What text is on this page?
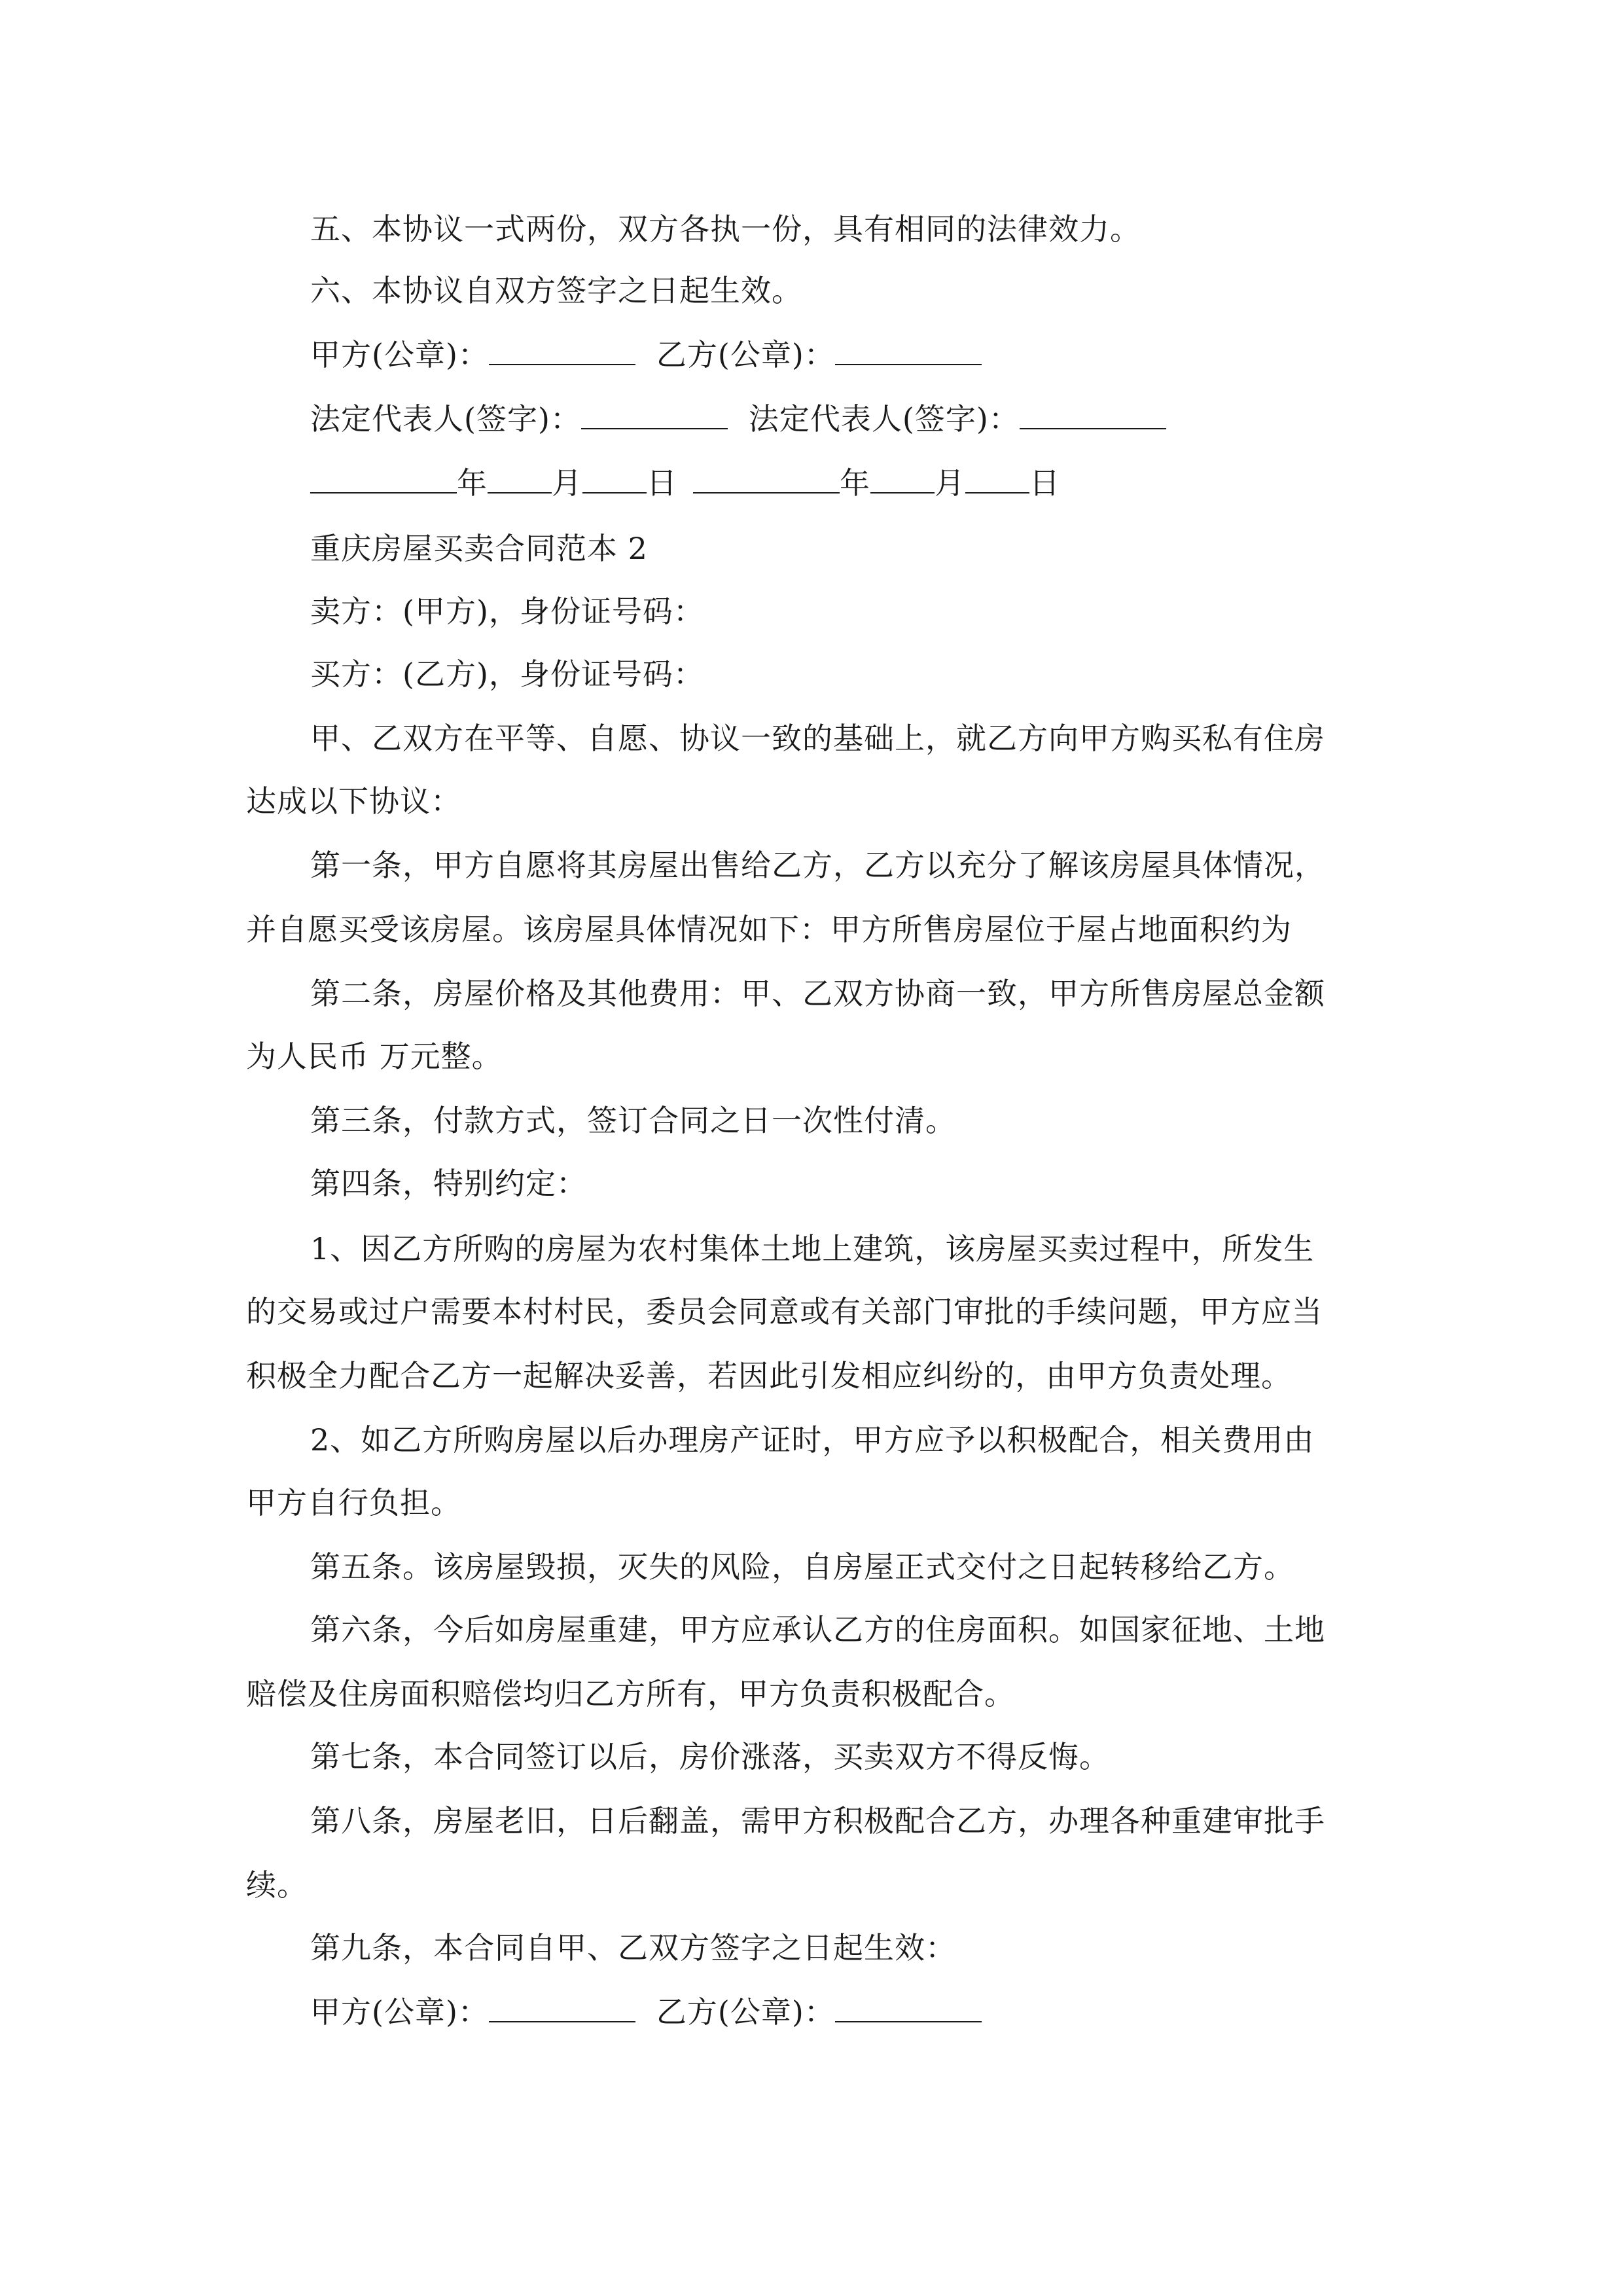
五、本协议一式两份，双方各执一份，具有相同的法律效力。
六、本协议自双方签字之日起生效。
甲方(公章)：	乙方(公章)：
法定代表人(签字)：	法定代表人(签字)：
年 月 日	年 月 日
重庆房屋买卖合同范本 2
卖方：(甲方)，身份证号码：
买方：(乙方)，身份证号码：
甲、乙双方在平等、自愿、协议一致的基础上，就乙方向甲方购买私有住房
达成以下协议：
第一条，甲方自愿将其房屋出售给乙方，乙方以充分了解该房屋具体情况，
并自愿买受该房屋。该房屋具体情况如下：甲方所售房屋位于屋占地面积约为
第二条，房屋价格及其他费用：甲、乙双方协商一致，甲方所售房屋总金额
为人民币 万元整。
第三条，付款方式，签订合同之日一次性付清。
第四条，特别约定：
1、因乙方所购的房屋为农村集体土地上建筑，该房屋买卖过程中，所发生
的交易或过户需要本村村民，委员会同意或有关部门审批的手续问题，甲方应当
积极全力配合乙方一起解决妥善，若因此引发相应纠纷的，由甲方负责处理。
2、如乙方所购房屋以后办理房产证时，甲方应予以积极配合，相关费用由
甲方自行负担。
第五条。该房屋毁损，灭失的风险，自房屋正式交付之日起转移给乙方。
第六条，今后如房屋重建，甲方应承认乙方的住房面积。如国家征地、土地
赔偿及住房面积赔偿均归乙方所有，甲方负责积极配合。
第七条，本合同签订以后，房价涨落，买卖双方不得反悔。
第八条，房屋老旧，日后翻盖，需甲方积极配合乙方，办理各种重建审批手
续。
第九条，本合同自甲、乙双方签字之日起生效：
甲方(公章)：	乙方(公章)：
